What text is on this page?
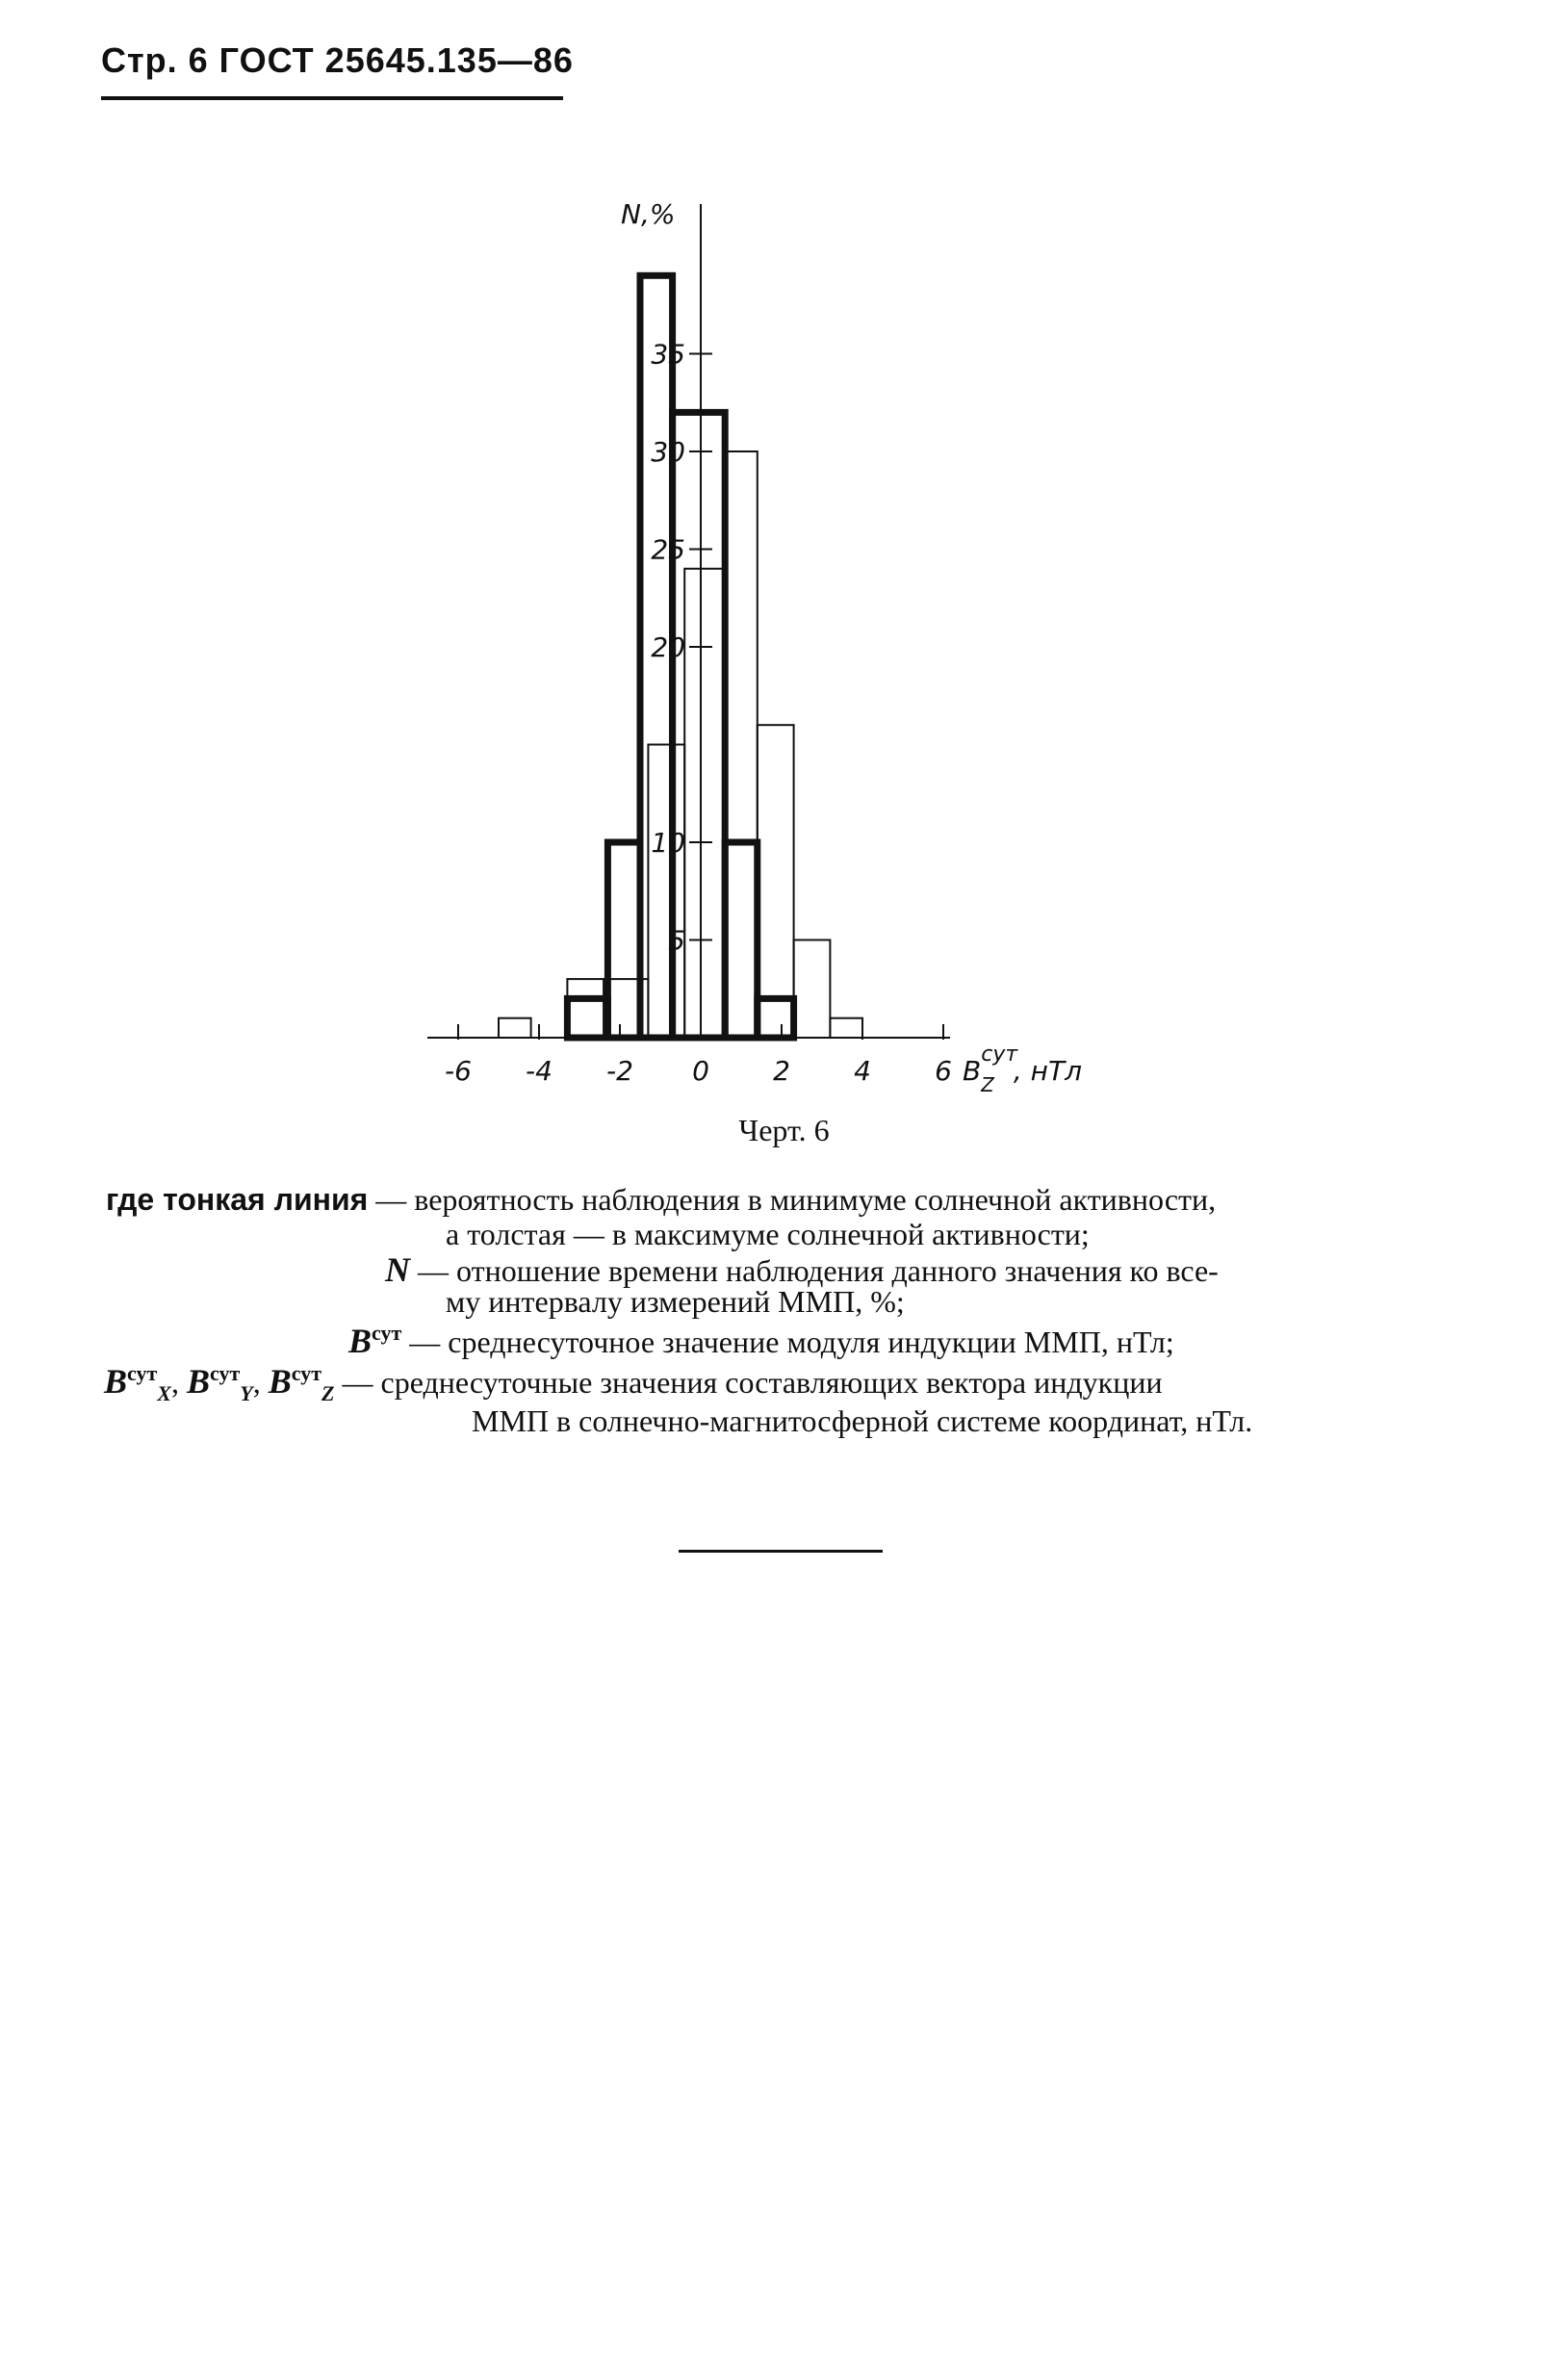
Стр. 6 ГОСТ 25645.135—86
-6 -4 -2 0 2 4 6
5
10
20
25
30
35
N,%
$B^{сут}$ Z , нТл
Черт. 6
где тонкая линия — вероятность наблюдения в минимуме солнечной активности,
а толстая — в максимуме солнечной активности;
N — отношение времени наблюдения данного значения ко все-
му интервалу измерений ММП, %;
$B^{сут}$ — среднесуточное значение модуля индукции ММП, нТл;
$B^{сут}_X$, $B^{сут}_Y$, $B^{сут}_Z$ — среднесуточные значения составляющих вектора индукции
ММП в солнечно-магнитосферной системе координат, нТл.
